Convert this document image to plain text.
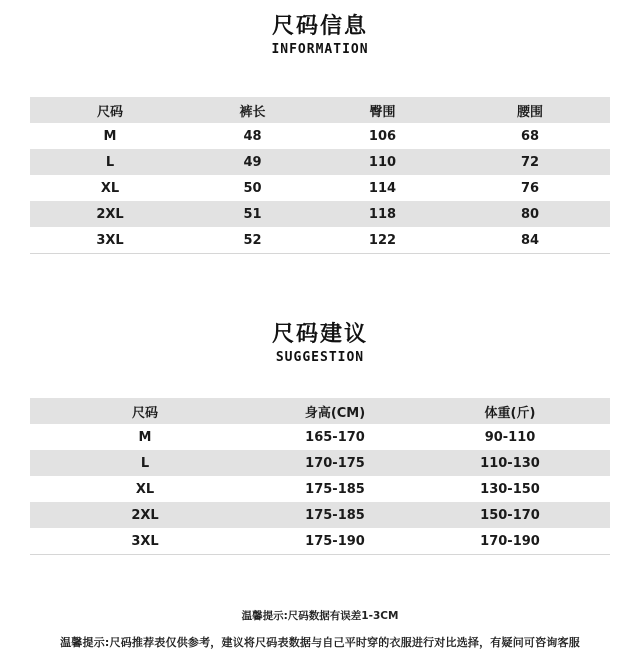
尺码信息
INFORMATION
尺码	裤长	臀围	腰围
M	48	106	68
L	49	110	72
XL	50	114	76
2XL	51	118	80
3XL	52	122	84
尺码建议
SUGGESTION
尺码	身高(CM)	体重(斤)
M	165-170	90-110
L	170-175	110-130
XL	175-185	130-150
2XL	175-185	150-170
3XL	175-190	170-190
温馨提示:尺码数据有误差1-3CM
温馨提示:尺码推荐表仅供参考，建议将尺码表数据与自己平时穿的衣服进行对比选择，有疑问可咨询客服
